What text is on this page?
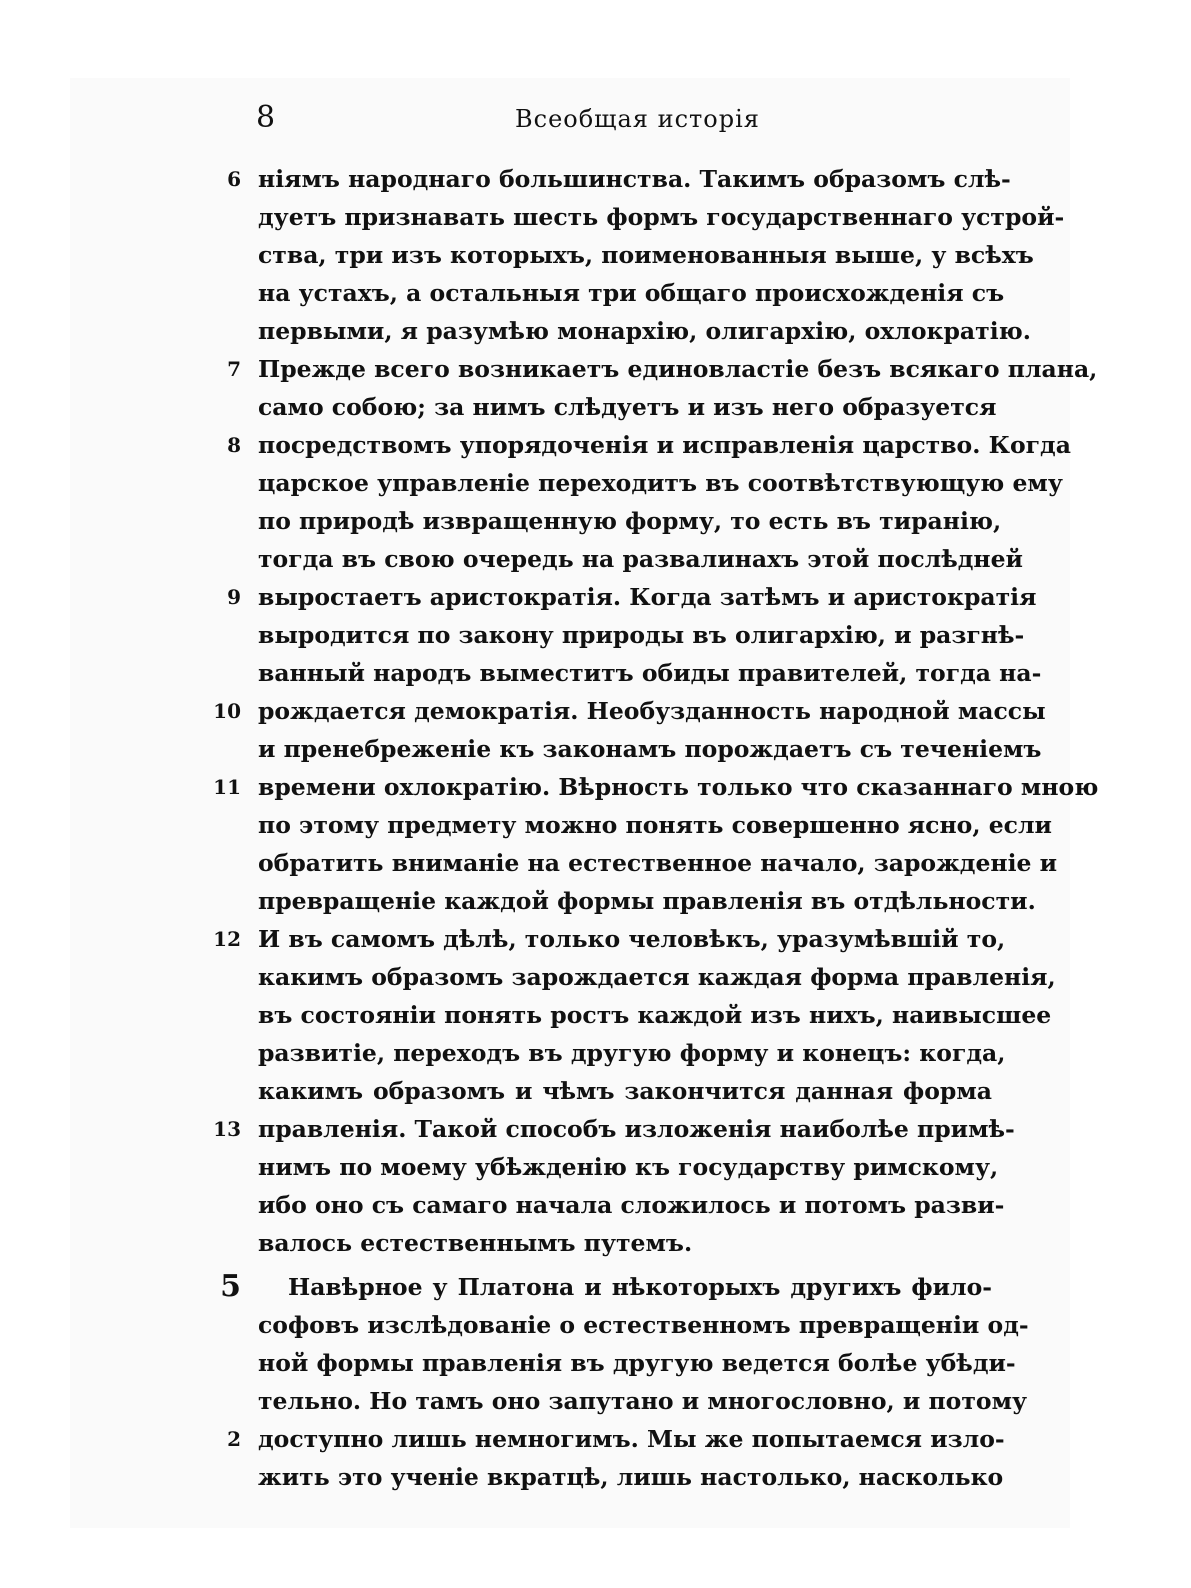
8	Всеобщая исторія
6 ніямъ народнаго большинства. Такимъ образомъ слѣ-
дуетъ признавать шесть формъ государственнаго устрой-
ства, три изъ которыхъ, поименованныя выше, у всѣхъ
на устахъ, а остальныя три общаго происхожденія съ
первыми, я разумѣю монархію, олигархію, охлократію.
7 Прежде всего возникаетъ единовластіе безъ всякаго плана,
само собою; за нимъ слѣдуетъ и изъ него образуется
8 посредствомъ упорядоченія и исправленія царство. Когда
царское управленіе переходитъ въ соотвѣтствующую ему
по природѣ извращенную форму, то есть въ тиранію,
тогда въ свою очередь на развалинахъ этой послѣдней
9 выростаетъ аристократія. Когда затѣмъ и аристократія
выродится по закону природы въ олигархію, и разгнѣ-
ванный народъ выместитъ обиды правителей, тогда на-
10 рождается демократія. Необузданность народной массы
и пренебреженіе къ законамъ порождаетъ съ теченіемъ
11 времени охлократію. Вѣрность только что сказаннаго мною
по этому предмету можно понять совершенно ясно, если
обратить вниманіе на естественное начало, зарожденіе и
превращеніе каждой формы правленія въ отдѣльности.
12 И въ самомъ дѣлѣ, только человѣкъ, уразумѣвшій то,
какимъ образомъ зарождается каждая форма правленія,
въ состояніи понять ростъ каждой изъ нихъ, наивысшее
развитіе, переходъ въ другую форму и конецъ: когда,
какимъ образомъ и чѣмъ закончится данная форма
13 правленія. Такой способъ изложенія наиболѣе примѣ-
нимъ по моему убѣжденію къ государству римскому,
ибо оно съ самаго начала сложилось и потомъ разви-
валось естественнымъ путемъ.
5 Навѣрное у Платона и нѣкоторыхъ другихъ фило-
софовъ изслѣдованіе о естественномъ превращеніи од-
ной формы правленія въ другую ведется болѣе убѣди-
тельно. Но тамъ оно запутано и многословно, и потому
2 доступно лишь немногимъ. Мы же попытаемся изло-
жить это ученіе вкратцѣ, лишь настолько, насколько
